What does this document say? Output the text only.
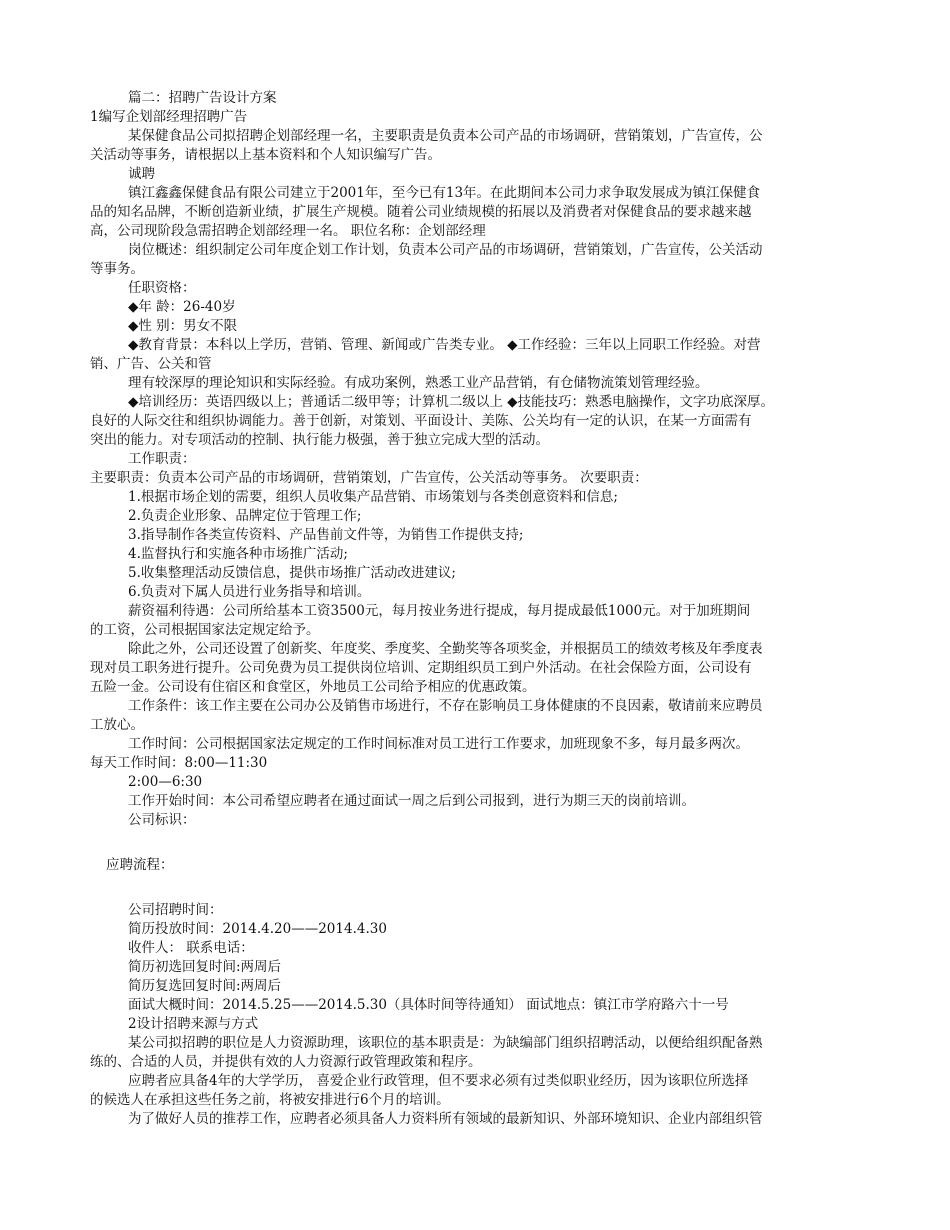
篇二：招聘广告设计方案
1编写企划部经理招聘广告
某保健食品公司拟招聘企划部经理一名，主要职责是负责本公司产品的市场调研，营销策划，广告宣传，公
关活动等事务，请根据以上基本资料和个人知识编写广告。
诚聘
镇江鑫鑫保健食品有限公司建立于2001年，至今已有13年。在此期间本公司力求争取发展成为镇江保健食
品的知名品牌，不断创造新业绩，扩展生产规模。随着公司业绩规模的拓展以及消费者对保健食品的要求越来越
高，公司现阶段急需招聘企划部经理一名。 职位名称：企划部经理
岗位概述：组织制定公司年度企划工作计划，负责本公司产品的市场调研，营销策划，广告宣传，公关活动
等事务。
任职资格：
◆年 龄：26-40岁
◆性 别：男女不限
◆教育背景：本科以上学历，营销、管理、新闻或广告类专业。 ◆工作经验：三年以上同职工作经验。对营
销、广告、公关和管
理有较深厚的理论知识和实际经验。有成功案例，熟悉工业产品营销，有仓储物流策划管理经验。
◆培训经历：英语四级以上；普通话二级甲等；计算机二级以上 ◆技能技巧：熟悉电脑操作，文字功底深厚。
良好的人际交往和组织协调能力。善于创新，对策划、平面设计、美陈、公关均有一定的认识，在某一方面需有
突出的能力。对专项活动的控制、执行能力极强，善于独立完成大型的活动。
工作职责：
主要职责：负责本公司产品的市场调研，营销策划，广告宣传，公关活动等事务。 次要职责：
1.根据市场企划的需要，组织人员收集产品营销、市场策划与各类创意资料和信息;
2.负责企业形象、品牌定位于管理工作;
3.指导制作各类宣传资料、产品售前文件等，为销售工作提供支持;
4.监督执行和实施各种市场推广活动;
5.收集整理活动反馈信息，提供市场推广活动改进建议;
6.负责对下属人员进行业务指导和培训。
薪资福利待遇：公司所给基本工资3500元，每月按业务进行提成，每月提成最低1000元。对于加班期间
的工资，公司根据国家法定规定给予。
除此之外，公司还设置了创新奖、年度奖、季度奖、全勤奖等各项奖金，并根据员工的绩效考核及年季度表
现对员工职务进行提升。公司免费为员工提供岗位培训、定期组织员工到户外活动。在社会保险方面，公司设有
五险一金。公司设有住宿区和食堂区，外地员工公司给予相应的优惠政策。
工作条件：该工作主要在公司办公及销售市场进行，不存在影响员工身体健康的不良因素，敬请前来应聘员
工放心。
工作时间：公司根据国家法定规定的工作时间标准对员工进行工作要求，加班现象不多，每月最多两次。
每天工作时间：8:00—11:30
2:00—6:30
工作开始时间：本公司希望应聘者在通过面试一周之后到公司报到，进行为期三天的岗前培训。
公司标识：
应聘流程：
公司招聘时间：
简历投放时间：2014.4.20——2014.4.30
收件人： 联系电话：
简历初选回复时间:两周后
简历复选回复时间:两周后
面试大概时间：2014.5.25——2014.5.30（具体时间等待通知） 面试地点：镇江市学府路六十一号
2设计招聘来源与方式
某公司拟招聘的职位是人力资源助理，该职位的基本职责是：为缺编部门组织招聘活动，以便给组织配备熟
练的、合适的人员，并提供有效的人力资源行政管理政策和程序。
应聘者应具备4年的大学学历， 喜爱企业行政管理，但不要求必须有过类似职业经历，因为该职位所选择
的候选人在承担这些任务之前，将被安排进行6个月的培训。
为了做好人员的推荐工作，应聘者必须具备人力资料所有领域的最新知识、外部环境知识、企业内部组织管
